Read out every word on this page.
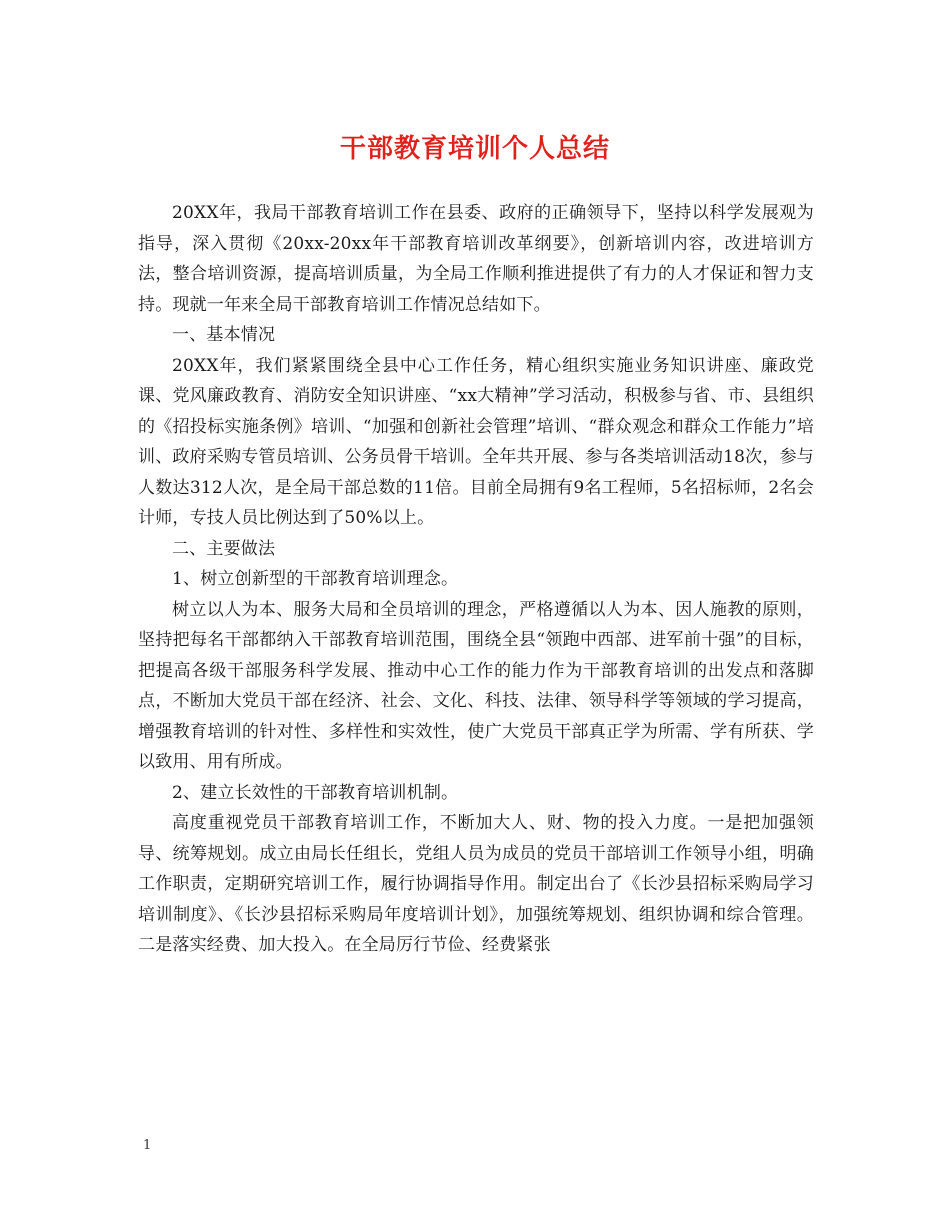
干部教育培训个人总结

20XX年，我局干部教育培训工作在县委、政府的正确领导下，坚持以科学发展观为指导，深入贯彻《20xx-20xx年干部教育培训改革纲要》，创新培训内容，改进培训方法，整合培训资源，提高培训质量，为全局工作顺利推进提供了有力的人才保证和智力支持。现就一年来全局干部教育培训工作情况总结如下。

一、基本情况

20XX年，我们紧紧围绕全县中心工作任务，精心组织实施业务知识讲座、廉政党课、党风廉政教育、消防安全知识讲座、“xx大精神”学习活动，积极参与省、市、县组织的《招投标实施条例》培训、“加强和创新社会管理”培训、“群众观念和群众工作能力”培训、政府采购专管员培训、公务员骨干培训。全年共开展、参与各类培训活动18次，参与人数达312人次，是全局干部总数的11倍。目前全局拥有9名工程师，5名招标师，2名会计师，专技人员比例达到了50%以上。

二、主要做法

1、树立创新型的干部教育培训理念。

树立以人为本、服务大局和全员培训的理念，严格遵循以人为本、因人施教的原则，坚持把每名干部都纳入干部教育培训范围，围绕全县“领跑中西部、进军前十强”的目标，把提高各级干部服务科学发展、推动中心工作的能力作为干部教育培训的出发点和落脚点，不断加大党员干部在经济、社会、文化、科技、法律、领导科学等领域的学习提高，增强教育培训的针对性、多样性和实效性，使广大党员干部真正学为所需、学有所获、学以致用、用有所成。

2、建立长效性的干部教育培训机制。

高度重视党员干部教育培训工作，不断加大人、财、物的投入力度。一是把加强领导、统筹规划。成立由局长任组长，党组人员为成员的党员干部培训工作领导小组，明确工作职责，定期研究培训工作，履行协调指导作用。制定出台了《长沙县招标采购局学习培训制度》、《长沙县招标采购局年度培训计划》，加强统筹规划、组织协调和综合管理。二是落实经费、加大投入。在全局厉行节俭、经费紧张

1
